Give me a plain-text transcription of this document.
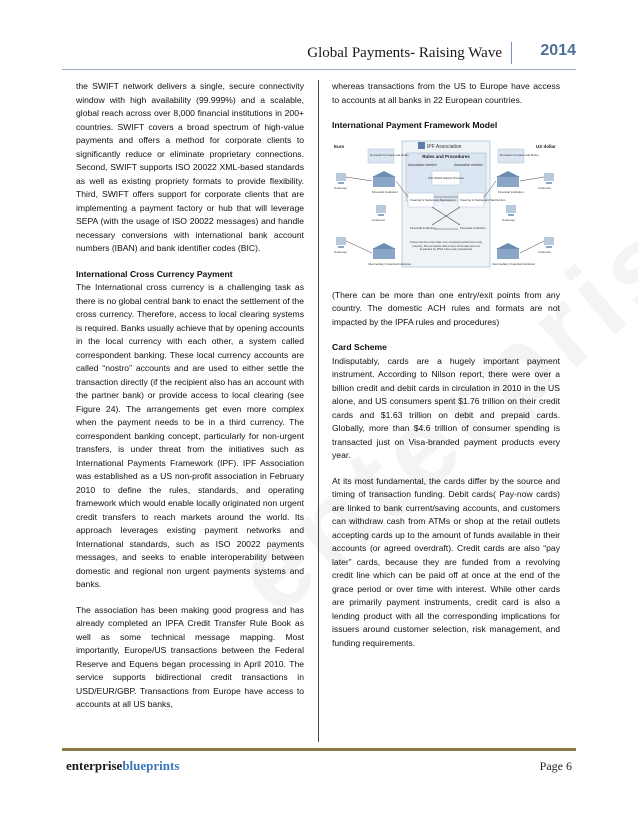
Global Payments- Raising Wave 2014

the SWIFT network delivers a single, secure connectivity window with high availability (99.999%) and a scalable, global reach across over 8,000 financial institutions in 200+ countries. SWIFT covers a broad spectrum of high-value payments and offers a method for corporate clients to significantly reduce or eliminate proprietary connections. Second, SWIFT supports ISO 20022 XML-based standards as well as existing propriety formats to provide flexibility. Third, SWIFT offers support for corporate clients that are implementing a payment factory or hub that will leverage SEPA (with the usage of ISO 20022 messages) and handle necessary conversions with international bank account numbers (IBAN) and bank identifier codes (BIC).

International Cross Currency Payment

The International cross currency is a challenging task as there is no global central bank to enact the settlement of the cross currency. Therefore, access to local clearing systems is required. Banks usually achieve that by opening accounts in the local currency with each other, a system called correspondent banking. These local currency accounts are called “nostro” accounts and are used to either settle the transaction directly (if the recipient also has an account with the partner bank) or provide access to local clearing (see Figure 24). The arrangements get even more complex when the payment needs to be in a third currency. The correspondent banking concept, particularly for non-urgent transfers, is under threat from the initiatives such as International Payments Framework (IPF). IPF Association was established as a US non-profit association in February 2010 to define the rules, standards, and operating framework which would enable locally originated non urgent credit transfers to reach markets around the world. Its approach leverages existing payment networks and International standards, such as ISO 20022 payments messages, and seeks to enable interoperability between domestic and regional non urgent payments systems and banks.

The association has been making good progress and has already completed an IPFA Credit Transfer Rule Book as well as some technical message mapping. Most importantly, Europe/US transactions between the Federal Reserve and Equens began processing in April 2010. The service supports bidirectional credit transactions in USD/EUR/GBP. Transactions from Europe have access to accounts at all US banks,

whereas transactions from the US to Europe have access to accounts at all banks in 22 European countries.

International Payment Framework Model

IPF Association
Rules and Procedures
Association member	Association member
ISO 20022 Market Practice
Clearing & Settlement Mechanism Clearing & Settlement Mechanism
Financial Institution	Financial Institution
Euro
Domestic Formats and Rules
Financial Institution
Customer
Customer
Customer
Intermediary Financial Institution
US dollar
Domestic Formats and Rules
Financial Institution
Customer
Customer
Customer
Intermediary Financial Institution
There can be more than one entry/exit points from any country. The domestic ACH rules & formats are not impacted by IPFA rules and procedures

(There can be more than one entry/exit points from any country. The domestic ACH rules and formats are not impacted by the IPFA rules and procedures)

Card Scheme

Indisputably, cards are a hugely important payment instrument. According to Nilson report, there were over a billion credit and debit cards in circulation in 2010 in the US alone, and US consumers spent $1.76 trillion on their credit cards and $1.63 trillion on debit and prepaid cards. Globally, more than $4.6 trillion of consumer spending is transacted just on Visa-branded payment products every year.

At its most fundamental, the cards differ by the source and timing of transaction funding. Debit cards( Pay-now cards) are linked to bank current/saving accounts, and customers can withdraw cash from ATMs or shop at the retail outlets accepting cards up to the amount of funds available in their accounts (or agreed overdraft). Credit cards are also “pay later” cards, because they are funded from a revolving credit line which can be paid off at once at the end of the grace period or over time with interest. While other cards are primarily payment instruments, credit card is also a lending product with all the corresponding implications for issuers around customer selection, risk management, and funding requirements.

enterpriseblueprints	Page 6
